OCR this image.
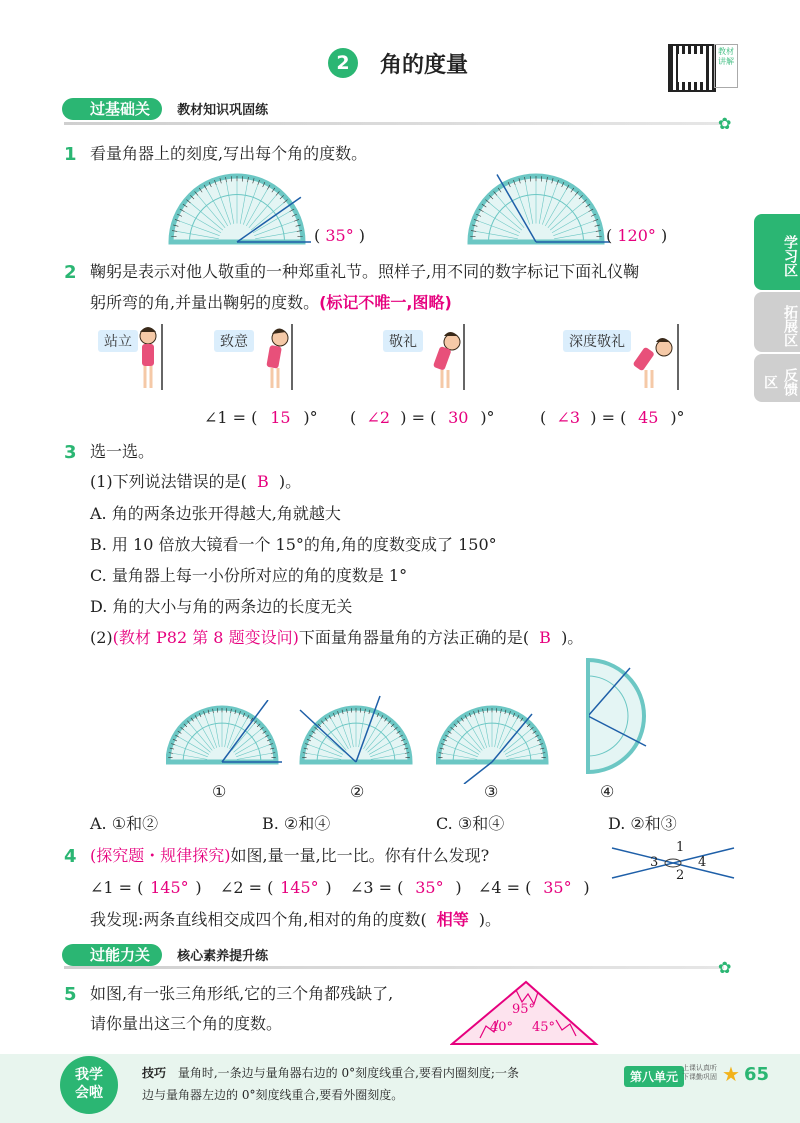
2	角的度量
教材讲解
学习区
拓展区
反馈区
过基础关 教材知识巩固练
✿
1 看量角器上的刻度,写出每个角的度数。
( 35° )	( 120° )
2 鞠躬是表示对他人敬重的一种郑重礼节。照样子,用不同的数字标记下面礼仪鞠
躬所弯的角,并量出鞠躬的度数。(标记不唯一,图略)
站立	致意	敬礼	深度敬礼
∠1 = ( 15 )° ( ∠2 ) = ( 30 )°	( ∠3 ) = ( 45 )°
3 选一选。
(1)下列说法错误的是( B )。
A. 角的两条边张开得越大,角就越大
B. 用 10 倍放大镜看一个 15°的角,角的度数变成了 150°
C. 量角器上每一小份所对应的角的度数是 1°
D. 角的大小与角的两条边的长度无关
(2)(教材 P82 第 8 题变设问)下面量角器量角的方法正确的是( B )。
①	②	③	④
A. ①和②	B. ②和④	C. ③和④	D. ②和③
4 (探究题・规律探究)如图,量一量,比一比。你有什么发现?	1
2
3	4
∠1 = ( 145° ) ∠2 = ( 145° ) ∠3 = ( 35° ) ∠4 = ( 35° )
我发现:两条直线相交成四个角,相对的角的度数( 相等 )。
过能力关 核心素养提升练
✿
5 如图,有一张三角形纸,它的三个角都残缺了,
请你量出这三个角的度数。
95°
40° 45°
我学
会啦
技巧 量角时,一条边与量角器右边的 0°刻度线重合,要看内圈刻度;一条
边与量角器左边的 0°刻度线重合,要看外圈刻度。
第八单元
上课认真听
下课勤巩固 ★ 65
